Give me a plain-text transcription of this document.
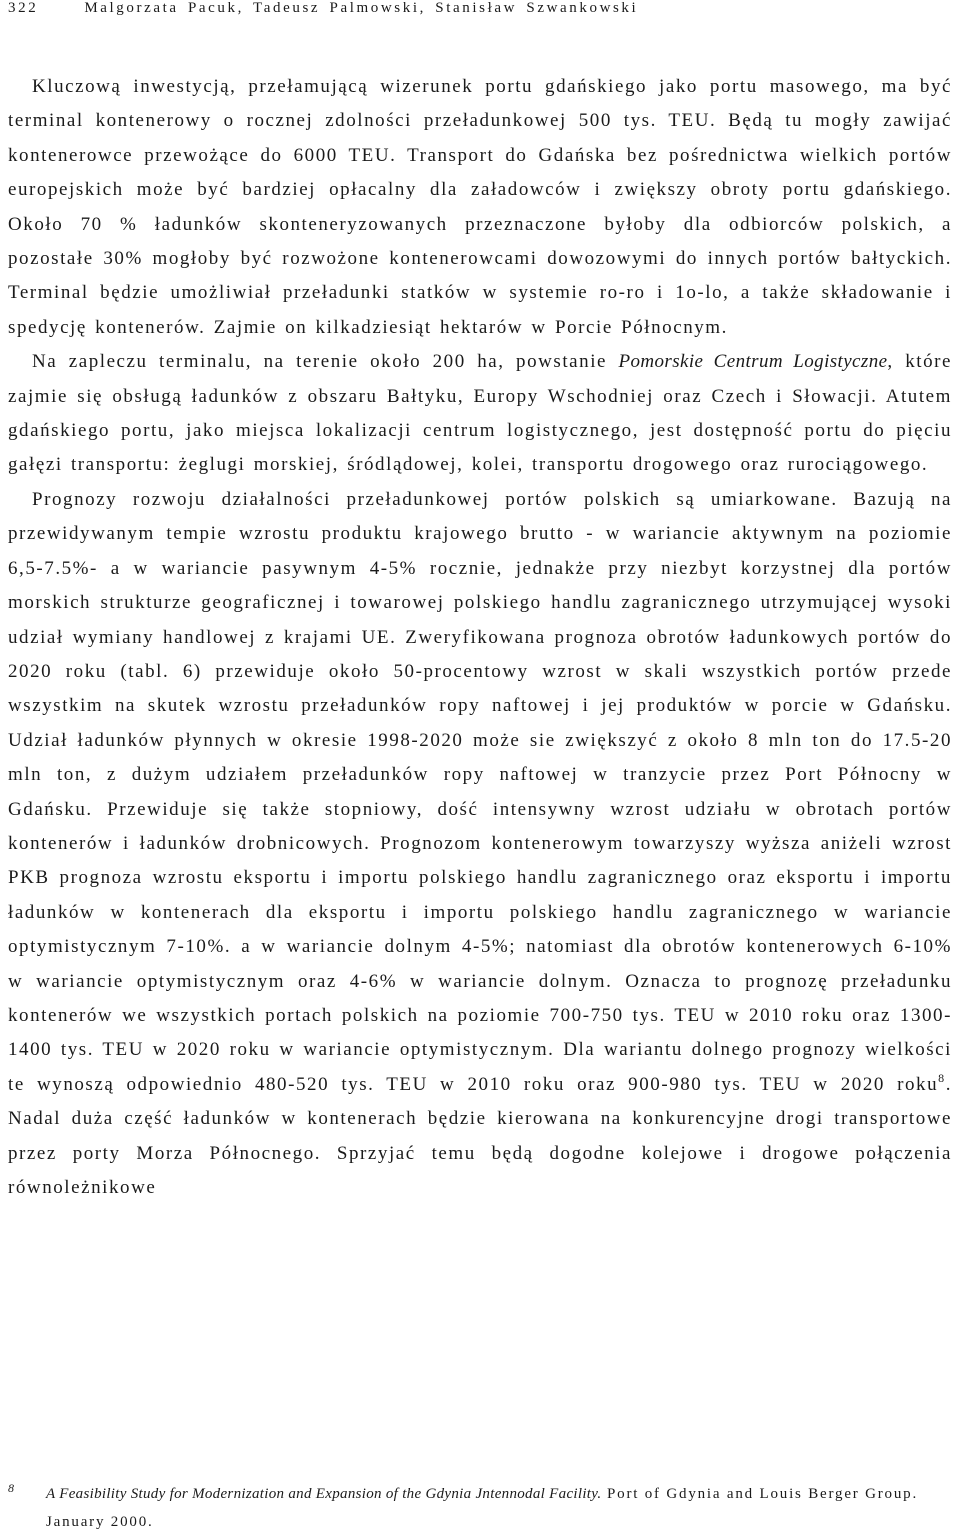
322	Malgorzata Pacuk, Tadeusz Palmowski, Stanisław Szwankowski

Kluczową inwestycją, przełamującą wizerunek portu gdańskiego jako portu masowego, ma być terminal kontenerowy o rocznej zdolności przeładunkowej 500 tys. TEU. Będą tu mogły zawijać kontenerowce przewożące do 6000 TEU. Transport do Gdańska bez pośrednictwa wielkich portów europejskich może być bardziej opłacalny dla załadowców i zwiększy obroty portu gdańskiego. Około 70 % ładunków skonteneryzowanych przeznaczone byłoby dla odbiorców polskich, a pozostałe 30% mogłoby być rozwożone kontenerowcami dowozowymi do innych portów bałtyckich. Terminal będzie umożliwiał przeładunki statków w systemie ro-ro i 1o-lo, a także składowanie i spedycję kontenerów. Zajmie on kilkadziesiąt hektarów w Porcie Północnym.

Na zapleczu terminalu, na terenie około 200 ha, powstanie Pomorskie Centrum Logistyczne, które zajmie się obsługą ładunków z obszaru Bałtyku, Europy Wschodniej oraz Czech i Słowacji. Atutem gdańskiego portu, jako miejsca lokalizacji centrum logistycznego, jest dostępność portu do pięciu gałęzi transportu: żeglugi morskiej, śródlądowej, kolei, transportu drogowego oraz rurociągowego.

Prognozy rozwoju działalności przeładunkowej portów polskich są umiarkowane. Bazują na przewidywanym tempie wzrostu produktu krajowego brutto - w wariancie aktywnym na poziomie 6,5-7.5%- a w wariancie pasywnym 4-5% rocznie, jednakże przy niezbyt korzystnej dla portów morskich strukturze geograficznej i towarowej polskiego handlu zagranicznego utrzymującej wysoki udział wymiany handlowej z krajami UE. Zweryfikowana prognoza obrotów ładunkowych portów do 2020 roku (tabl. 6) przewiduje około 50-procentowy wzrost w skali wszystkich portów przede wszystkim na skutek wzrostu przeładunków ropy naftowej i jej produktów w porcie w Gdańsku. Udział ładunków płynnych w okresie 1998-2020 może sie zwiększyć z około 8 mln ton do 17.5-20 mln ton, z dużym udziałem przeładunków ropy naftowej w tranzycie przez Port Północny w Gdańsku. Przewiduje się także stopniowy, dość intensywny wzrost udziału w obrotach portów kontenerów i ładunków drobnicowych. Prognozom kontenerowym towarzyszy wyższa aniżeli wzrost PKB prognoza wzrostu eksportu i importu polskiego handlu zagranicznego oraz eksportu i importu ładunków w kontenerach dla eksportu i importu polskiego handlu zagranicznego w wariancie optymistycznym 7-10%. a w wariancie dolnym 4-5%; natomiast dla obrotów kontenerowych 6-10% w wariancie optymistycznym oraz 4-6% w wariancie dolnym. Oznacza to prognozę przeładunku kontenerów we wszystkich portach polskich na poziomie 700-750 tys. TEU w 2010 roku oraz 1300-1400 tys. TEU w 2020 roku w wariancie optymistycznym. Dla wariantu dolnego prognozy wielkości te wynoszą odpowiednio 480-520 tys. TEU w 2010 roku oraz 900-980 tys. TEU w 2020 roku$^8$. Nadal duża część ładunków w kontenerach będzie kierowana na konkurencyjne drogi transportowe przez porty Morza Północnego. Sprzyjać temu będą dogodne kolejowe i drogowe połączenia równoleżnikowe

8	A Feasibility Study for Modernization and Expansion of the Gdynia Jntennodal Facility. Port of Gdynia and Louis Berger Group. January 2000.
